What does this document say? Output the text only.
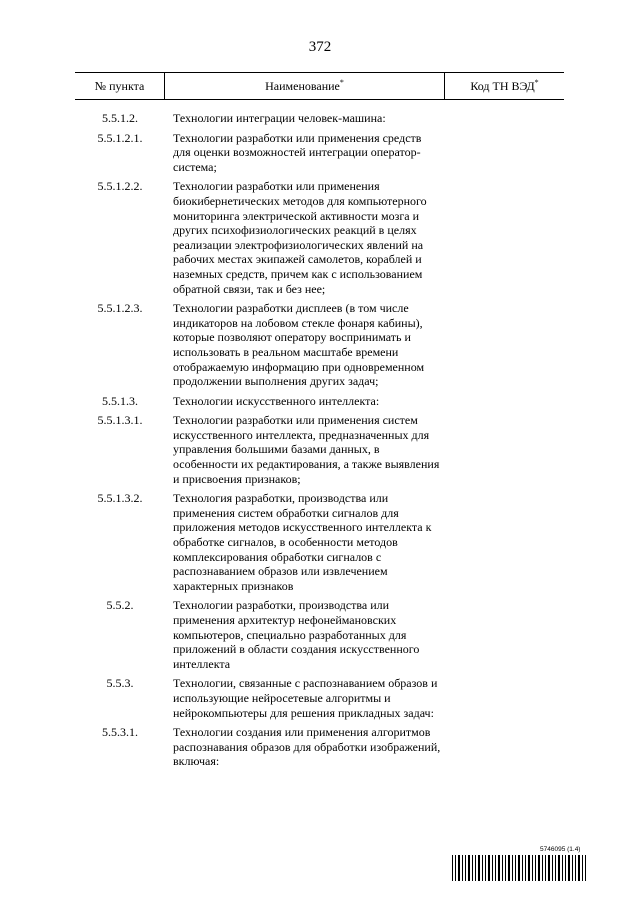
372
№ пункта	Наименование*	Код ТН ВЭД*
5.5.1.2.	Технологии интеграции человек-машина:
5.5.1.2.1.	Технологии разработки или применения средств для оценки возможностей интеграции оператор-система;
5.5.1.2.2.	Технологии разработки или применения биокибернетических методов для компьютерного мониторинга электрической активности мозга и других психофизиологических реакций в целях реализации электрофизиологических явлений на рабочих местах экипажей самолетов, кораблей и наземных средств, причем как с использованием обратной связи, так и без нее;
5.5.1.2.3.	Технологии разработки дисплеев (в том числе индикаторов на лобовом стекле фонаря кабины), которые позволяют оператору воспринимать и использовать в реальном масштабе времени отображаемую информацию при одновременном продолжении выполнения других задач;
5.5.1.3.	Технологии искусственного интеллекта:
5.5.1.3.1.	Технологии разработки или применения систем искусственного интеллекта, предназначенных для управления большими базами данных, в особенности их редактирования, а также выявления и присвоения признаков;
5.5.1.3.2.	Технология разработки, производства или применения систем обработки сигналов для приложения методов искусственного интеллекта к обработке сигналов, в особенности методов комплексирования обработки сигналов с распознаванием образов или извлечением характерных признаков
5.5.2.	Технологии разработки, производства или применения архитектур нефонеймановских компьютеров, специально разработанных для приложений в области создания искусственного интеллекта
5.5.3.	Технологии, связанные с распознаванием образов и использующие нейросетевые алгоритмы и нейрокомпьютеры для решения прикладных задач:
5.5.3.1.	Технологии создания или применения алгоритмов распознавания образов для обработки изображений, включая:
5746095 (1.4)
